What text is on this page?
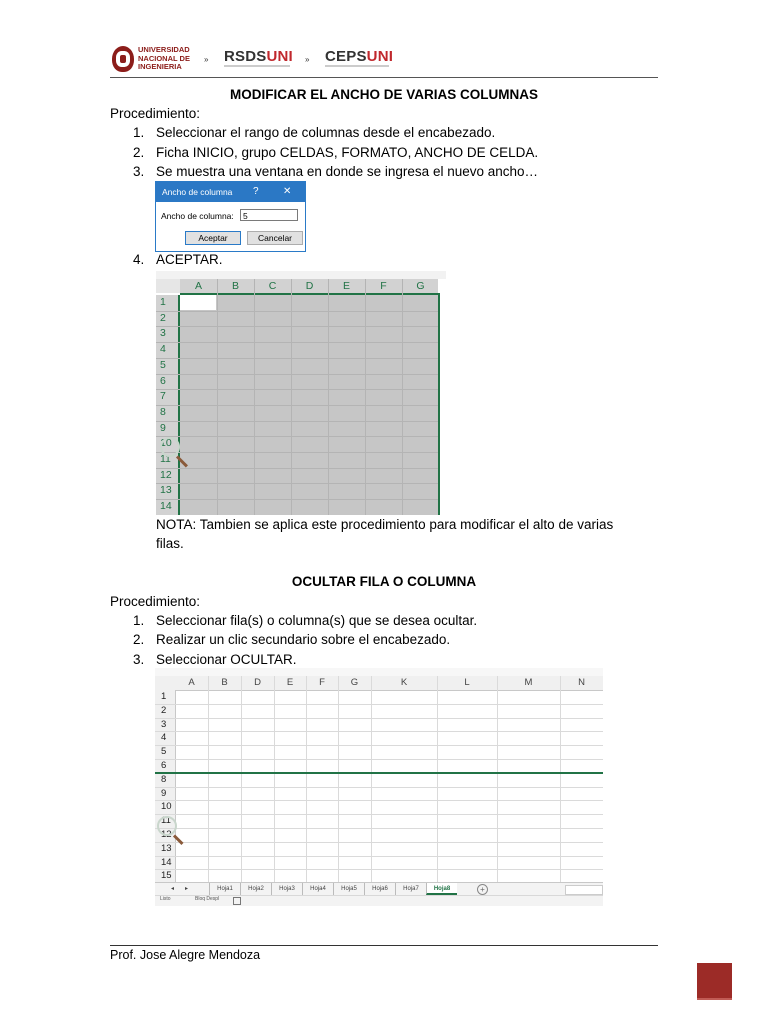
UNIVERSIDAD NACIONAL DE INGENIERIA
» RSDSUNI » CEPSUNI
MODIFICAR EL ANCHO DE VARIAS COLUMNAS
Procedimiento:
1. Seleccionar el rango de columnas desde el encabezado.
2. Ficha INICIO, grupo CELDAS, FORMATO, ANCHO DE CELDA.
3. Se muestra una ventana en donde se ingresa el nuevo ancho…
Ancho de columna ? ✕
Ancho de columna:	5
Aceptar	Cancelar
4. ACEPTAR.
A	B	C	D	E	F	G
1
2
3
4
5
6
7
8
9
10
11
12
13
14
NOTA: Tambien se aplica este procedimiento para modificar el alto de varias
filas.
OCULTAR FILA O COLUMNA
Procedimiento:
1. Seleccionar fila(s) o columna(s) que se desea ocultar.
2. Realizar un clic secundario sobre el encabezado.
3. Seleccionar OCULTAR.
A	B	D	E	F	G	K	L	M	N
1
2
3
4
5
6
8
9
10
11
12
13
14
15
◂ ▸	Hoja1	Hoja2	Hoja3	Hoja4	Hoja5	Hoja6	Hoja7	Hoja8	+
Listo	Bloq Despl
Prof. Jose Alegre Mendoza
